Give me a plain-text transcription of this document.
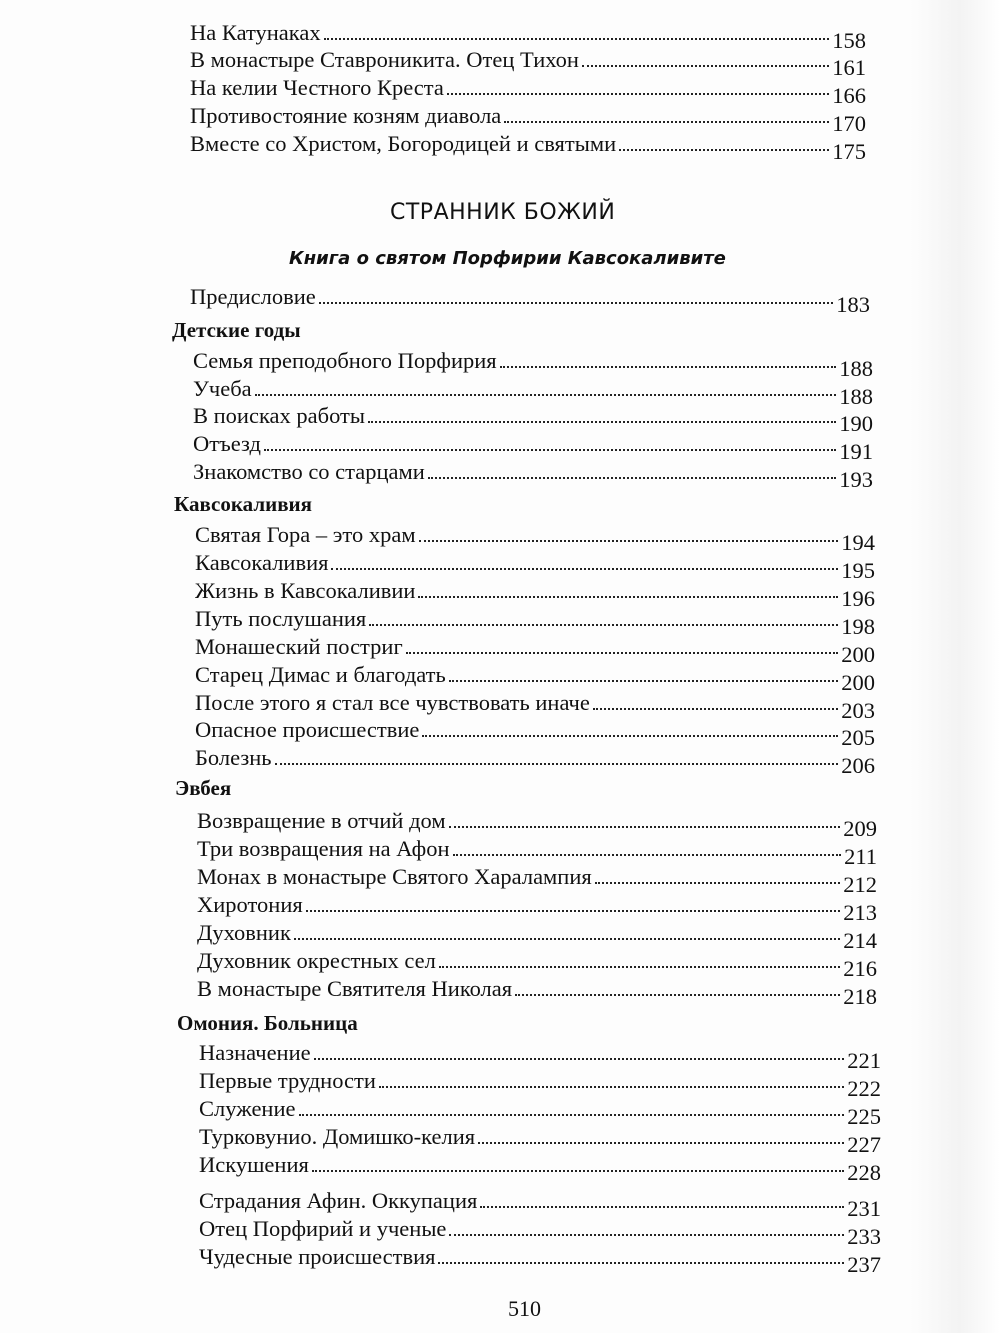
На Катунаках	158
В монастыре Ставроникита. Отец Тихон	161
На келии Честного Креста	166
Противостояние козням диавола	170
Вместе со Христом, Богородицей и святыми	175
СТРАННИК БОЖИЙ
Книга о святом Порфирии Кавсокаливите
Предисловие	183
Детские годы
Семья преподобного Порфирия	188
Учеба	188
В поисках работы	190
Отъезд	191
Знакомство со старцами	193
Кавсокаливия
Святая Гора – это храм	194
Кавсокаливия	195
Жизнь в Кавсокаливии	196
Путь послушания	198
Монашеский постриг	200
Старец Димас и благодать	200
После этого я стал все чувствовать иначе	203
Опасное происшествие	205
Болезнь	206
Эвбея
Возвращение в отчий дом	209
Три возвращения на Афон	211
Монах в монастыре Святого Харалампия	212
Хиротония	213
Духовник	214
Духовник окрестных сел	216
В монастыре Святителя Николая	218
Омония. Больница
Назначение	221
Первые трудности	222
Служение	225
Турковунио. Домишко-келия	227
Искушения	228
Страдания Афин. Оккупация	231
Отец Порфирий и ученые	233
Чудесные происшествия	237
510
